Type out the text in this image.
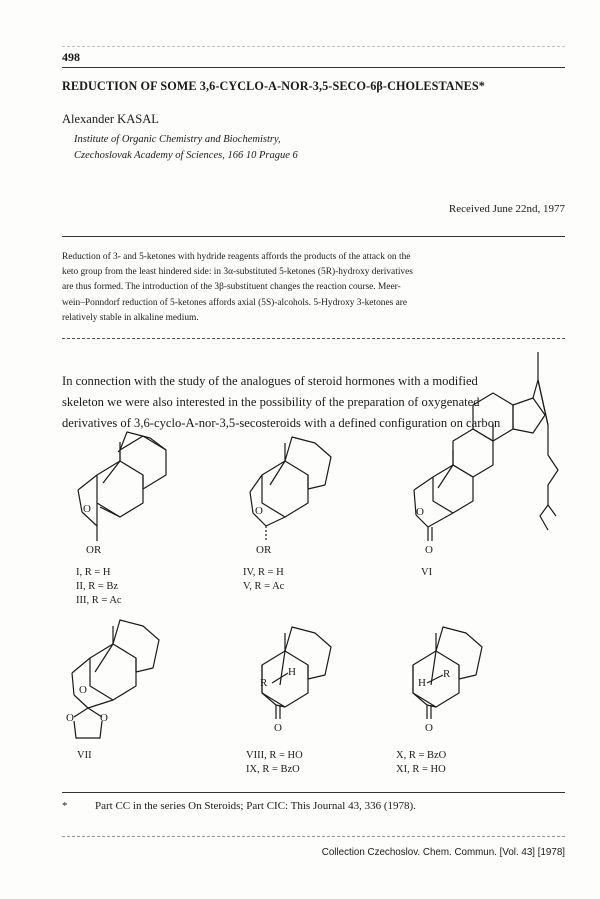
498
REDUCTION OF SOME 3,6-CYCLO-A-NOR-3,5-SECO-6β-CHOLESTANES*
Alexander KASAL
Institute of Organic Chemistry and Biochemistry,
Czechoslovak Academy of Sciences, 166 10 Prague 6
Received June 22nd, 1977
Reduction of 3- and 5-ketones with hydride reagents affords the products of the attack on the
keto group from the least hindered side: in 3α-substituted 5-ketones (5R)-hydroxy derivatives
are thus formed. The introduction of the 3β-substituent changes the reaction course. Meer-
wein–Ponndorf reduction of 5-ketones affords axial (5S)-alcohols. 5-Hydroxy 3-ketones are
relatively stable in alkaline medium.
In connection with the study of the analogues of steroid hormones with a modified
skeleton we were also interested in the possibility of the preparation of oxygenated
derivatives of 3,6-cyclo-A-nor-3,5-secosteroids with a defined configuration on carbon
O
OR
O
OR
O
O
O
O O
R
H
O
H
R
O
I, R = H
II, R = Bz
III, R = Ac
IV, R = H
V, R = Ac
VI
VII	VIII, R = HO
IX, R = BzO
X, R = BzO
XI, R = HO
*	Part CC in the series On Steroids; Part CIC: This Journal 43, 336 (1978).
Collection Czechoslov. Chem. Commun. [Vol. 43] [1978]
